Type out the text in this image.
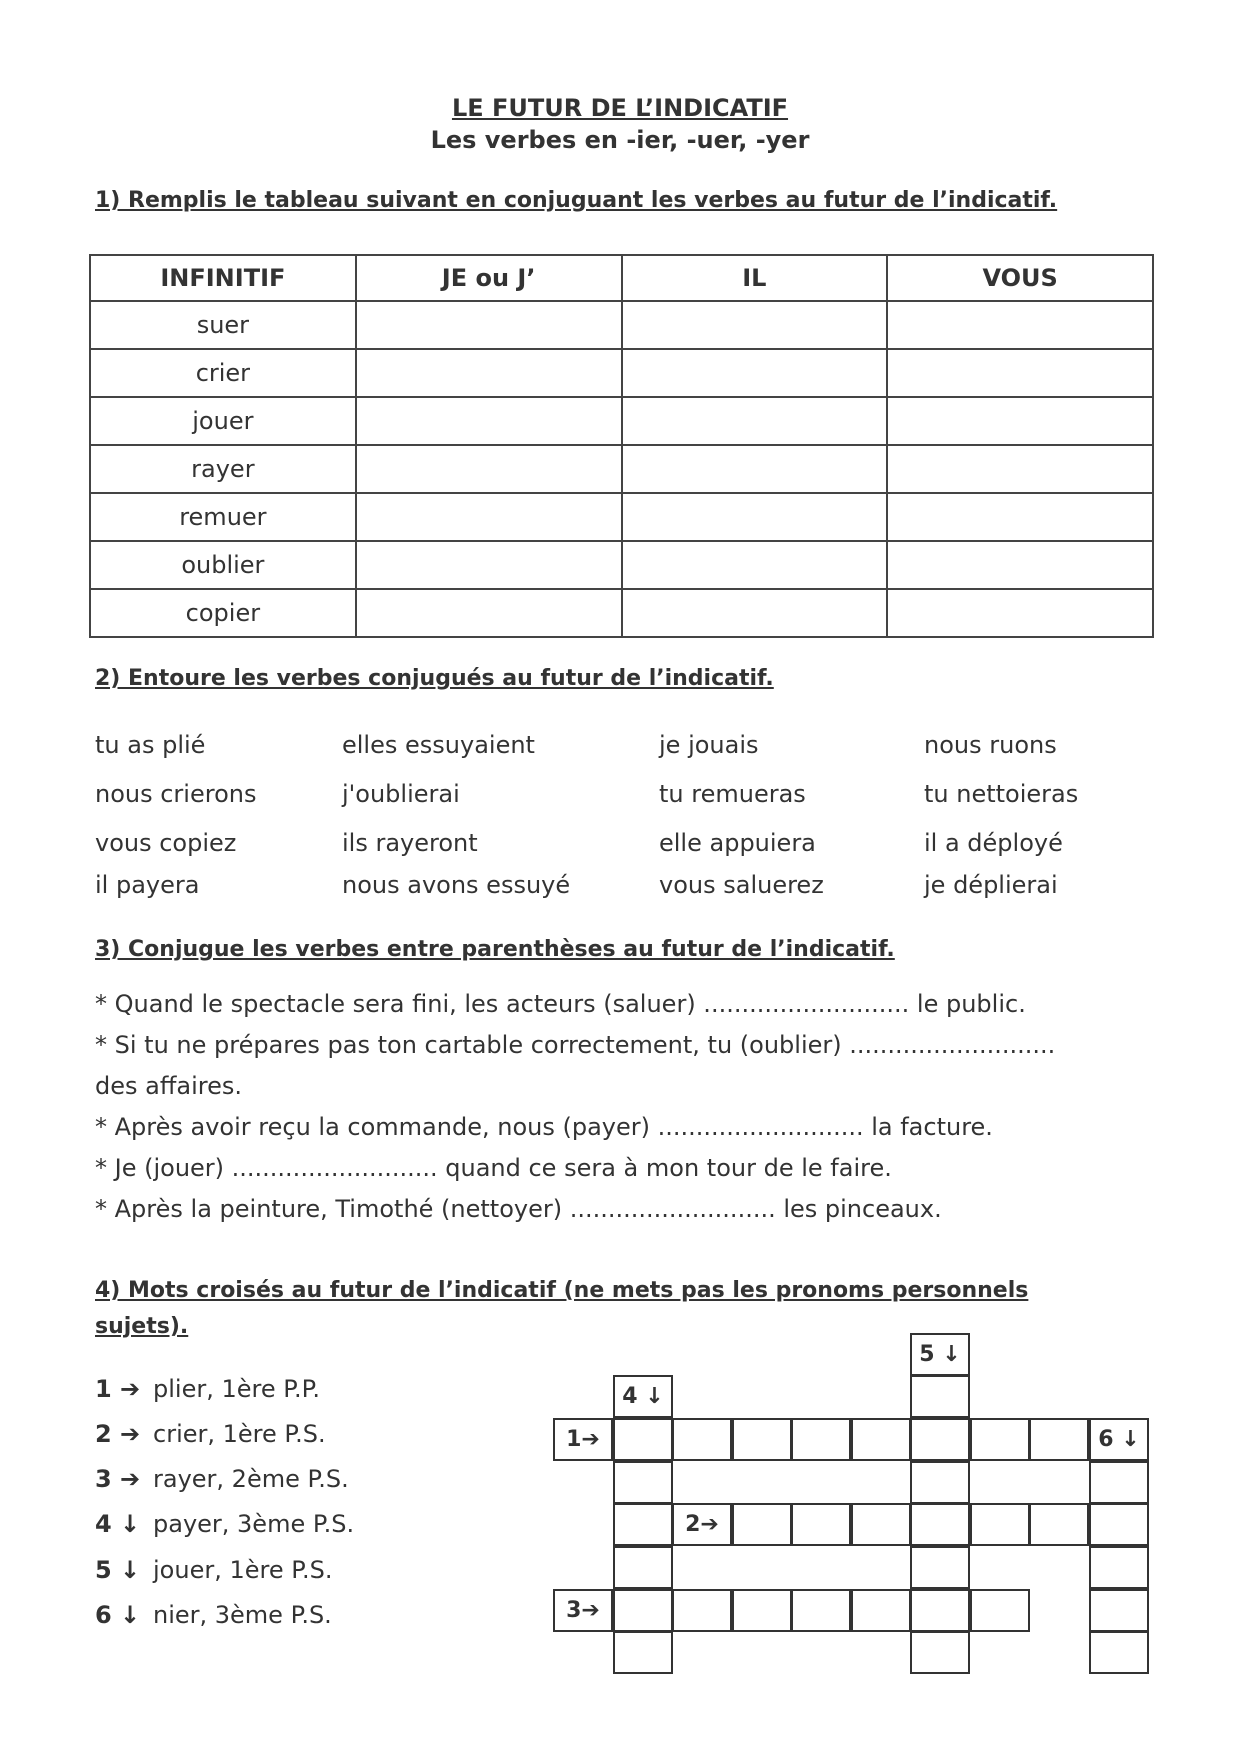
LE FUTUR DE L’INDICATIF
Les verbes en -ier, -uer, -yer
1) Remplis le tableau suivant en conjuguant les verbes au futur de l’indicatif.
INFINITIF	JE ou J’	IL	VOUS
suer			
crier			
jouer			
rayer			
remuer			
oublier			
copier			
2) Entoure les verbes conjugués au futur de l’indicatif.
tu as plié	elles essuyaient	je jouais	nous ruons
nous crierons	j'oublierai	tu remueras	tu nettoieras
vous copiez	ils rayeront	elle appuiera	il a déployé
il payera	nous avons essuyé	vous saluerez	je déplierai
3) Conjugue les verbes entre parenthèses au futur de l’indicatif.
* Quand le spectacle sera fini, les acteurs (saluer) ........................... le public.
* Si tu ne prépares pas ton cartable correctement, tu (oublier) ...........................
des affaires.
* Après avoir reçu la commande, nous (payer) ........................... la facture.
* Je (jouer) ........................... quand ce sera à mon tour de le faire.
* Après la peinture, Timothé (nettoyer) ........................... les pinceaux.
4) Mots croisés au futur de l’indicatif (ne mets pas les pronoms personnels
sujets).
1 ➔ plier, 1ère P.P.
2 ➔ crier, 1ère P.S.
3 ➔ rayer, 2ème P.S.
4 ↓ payer, 3ème P.S.
5 ↓ jouer, 1ère P.S.
6 ↓ nier, 3ème P.S.
1➔	6 ↓
4 ↓
5 ↓
2➔
3➔
